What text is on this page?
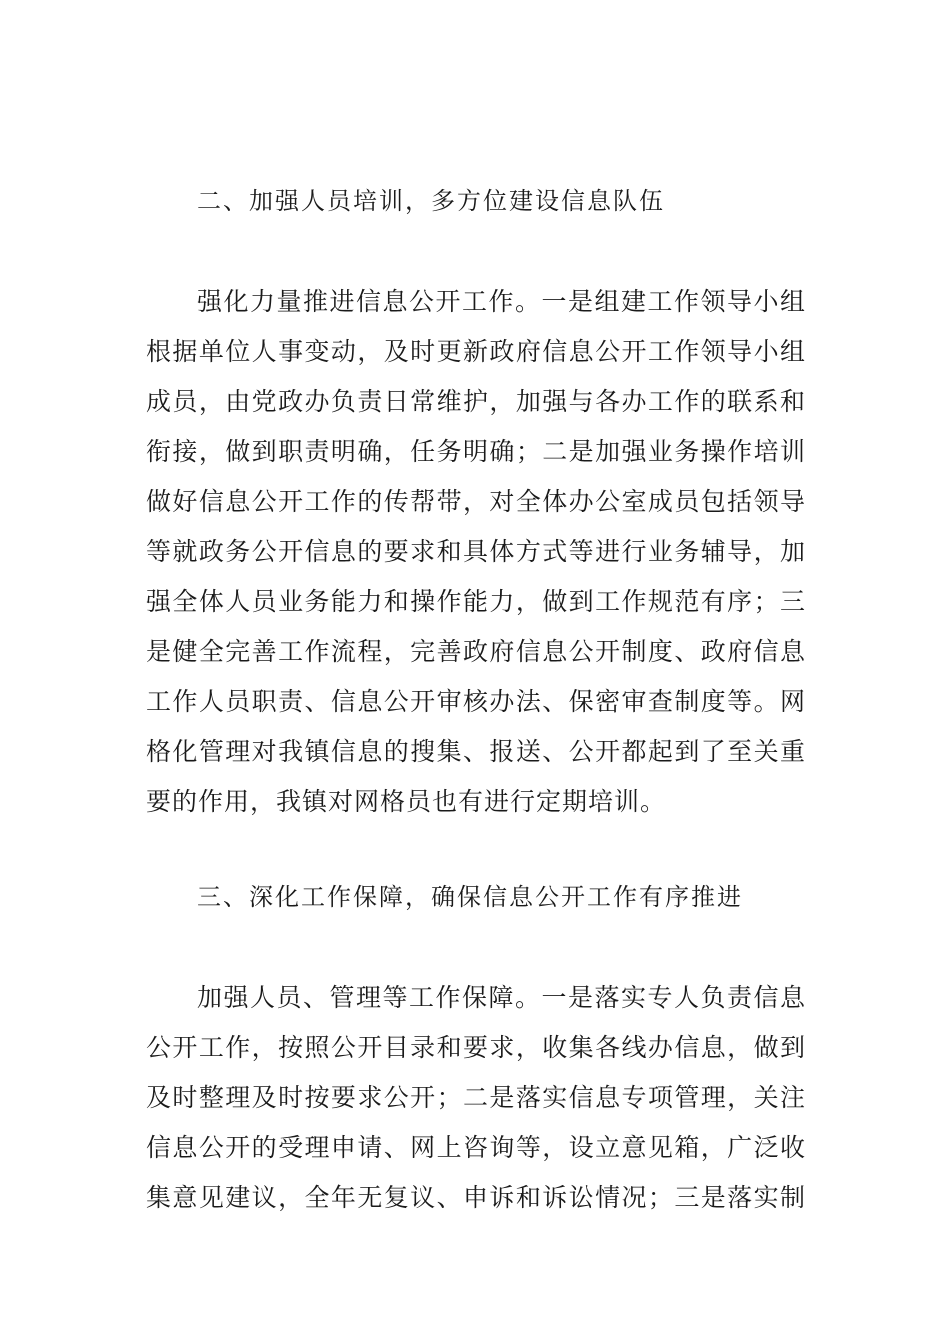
二、加强人员培训，多方位建设信息队伍
强化力量推进信息公开工作。一是组建工作领导小组
根据单位人事变动，及时更新政府信息公开工作领导小组
成员，由党政办负责日常维护，加强与各办工作的联系和
衔接，做到职责明确，任务明确；二是加强业务操作培训
做好信息公开工作的传帮带，对全体办公室成员包括领导
等就政务公开信息的要求和具体方式等进行业务辅导，加
强全体人员业务能力和操作能力，做到工作规范有序；三
是健全完善工作流程，完善政府信息公开制度、政府信息
工作人员职责、信息公开审核办法、保密审查制度等。网
格化管理对我镇信息的搜集、报送、公开都起到了至关重
要的作用，我镇对网格员也有进行定期培训。
三、深化工作保障，确保信息公开工作有序推进
加强人员、管理等工作保障。一是落实专人负责信息
公开工作，按照公开目录和要求，收集各线办信息，做到
及时整理及时按要求公开；二是落实信息专项管理，关注
信息公开的受理申请、网上咨询等，设立意见箱，广泛收
集意见建议，全年无复议、申诉和诉讼情况；三是落实制
